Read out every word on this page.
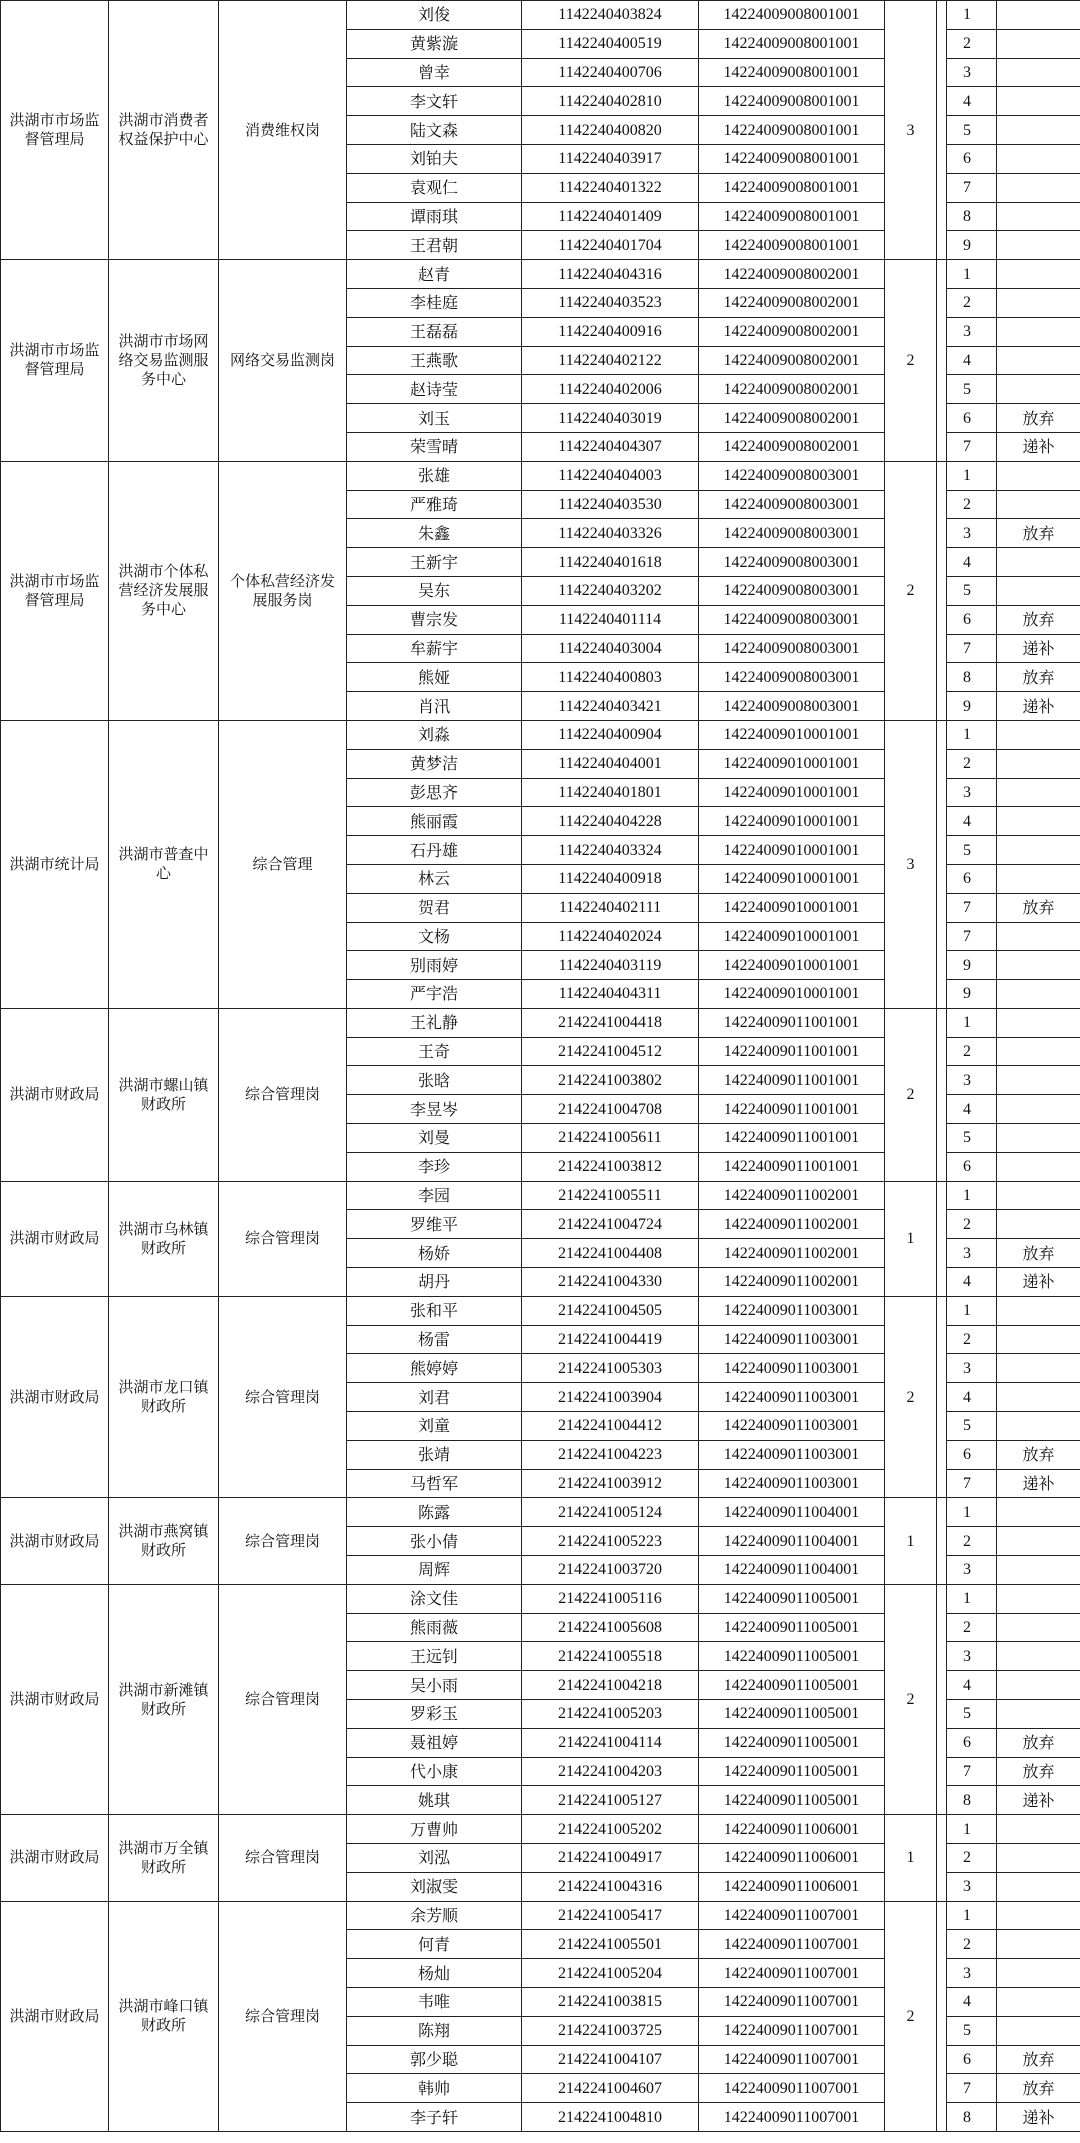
洪湖市市场监督管理局	洪湖市消费者权益保护中心	消费维权岗	刘俊	1142240403824	14224009008001001	3		1	
			黄紫漩	1142240400519	14224009008001001			2	
			曾幸	1142240400706	14224009008001001			3	
			李文轩	1142240402810	14224009008001001			4	
			陆文森	1142240400820	14224009008001001			5	
			刘铂夫	1142240403917	14224009008001001			6	
			袁观仁	1142240401322	14224009008001001			7	
			谭雨琪	1142240401409	14224009008001001			8	
			王君朝	1142240401704	14224009008001001			9	
洪湖市市场监督管理局	洪湖市市场网络交易监测服务中心	网络交易监测岗	赵青	1142240404316	14224009008002001	2		1	
			李桂庭	1142240403523	14224009008002001			2	
			王磊磊	1142240400916	14224009008002001			3	
			王燕歌	1142240402122	14224009008002001			4	
			赵诗莹	1142240402006	14224009008002001			5	
			刘玉	1142240403019	14224009008002001			6	放弃
			荣雪晴	1142240404307	14224009008002001			7	递补
洪湖市市场监督管理局	洪湖市个体私营经济发展服务中心	个体私营经济发展服务岗	张雄	1142240404003	14224009008003001	2		1	
			严雅琦	1142240403530	14224009008003001			2	
			朱鑫	1142240403326	14224009008003001			3	放弃
			王新宇	1142240401618	14224009008003001			4	
			吴东	1142240403202	14224009008003001			5	
			曹宗发	1142240401114	14224009008003001			6	放弃
			牟薪宇	1142240403004	14224009008003001			7	递补
			熊娅	1142240400803	14224009008003001			8	放弃
			肖汛	1142240403421	14224009008003001			9	递补
洪湖市统计局	洪湖市普查中心	综合管理	刘淼	1142240400904	14224009010001001	3		1	
			黄梦洁	1142240404001	14224009010001001			2	
			彭思齐	1142240401801	14224009010001001			3	
			熊丽霞	1142240404228	14224009010001001			4	
			石丹雄	1142240403324	14224009010001001			5	
			林云	1142240400918	14224009010001001			6	
			贺君	1142240402111	14224009010001001			7	放弃
			文杨	1142240402024	14224009010001001			7	
			别雨婷	1142240403119	14224009010001001			9	
			严宇浩	1142240404311	14224009010001001			9	
洪湖市财政局	洪湖市螺山镇财政所	综合管理岗	王礼静	2142241004418	14224009011001001	2		1	
			王奇	2142241004512	14224009011001001			2	
			张晗	2142241003802	14224009011001001			3	
			李昱岑	2142241004708	14224009011001001			4	
			刘曼	2142241005611	14224009011001001			5	
			李珍	2142241003812	14224009011001001			6	
洪湖市财政局	洪湖市乌林镇财政所	综合管理岗	李园	2142241005511	14224009011002001	1		1	
			罗维平	2142241004724	14224009011002001			2	
			杨娇	2142241004408	14224009011002001			3	放弃
			胡丹	2142241004330	14224009011002001			4	递补
洪湖市财政局	洪湖市龙口镇财政所	综合管理岗	张和平	2142241004505	14224009011003001	2		1	
			杨雷	2142241004419	14224009011003001			2	
			熊婷婷	2142241005303	14224009011003001			3	
			刘君	2142241003904	14224009011003001			4	
			刘童	2142241004412	14224009011003001			5	
			张靖	2142241004223	14224009011003001			6	放弃
			马哲军	2142241003912	14224009011003001			7	递补
洪湖市财政局	洪湖市燕窝镇财政所	综合管理岗	陈露	2142241005124	14224009011004001	1		1	
			张小倩	2142241005223	14224009011004001			2	
			周辉	2142241003720	14224009011004001			3	
洪湖市财政局	洪湖市新滩镇财政所	综合管理岗	涂文佳	2142241005116	14224009011005001	2		1	
			熊雨薇	2142241005608	14224009011005001			2	
			王远钊	2142241005518	14224009011005001			3	
			吴小雨	2142241004218	14224009011005001			4	
			罗彩玉	2142241005203	14224009011005001			5	
			聂祖婷	2142241004114	14224009011005001			6	放弃
			代小康	2142241004203	14224009011005001			7	放弃
			姚琪	2142241005127	14224009011005001			8	递补
洪湖市财政局	洪湖市万全镇财政所	综合管理岗	万曹帅	2142241005202	14224009011006001	1		1	
			刘泓	2142241004917	14224009011006001			2	
			刘淑雯	2142241004316	14224009011006001			3	
洪湖市财政局	洪湖市峰口镇财政所	综合管理岗	余芳顺	2142241005417	14224009011007001	2		1	
			何青	2142241005501	14224009011007001			2	
			杨灿	2142241005204	14224009011007001			3	
			韦唯	2142241003815	14224009011007001			4	
			陈翔	2142241003725	14224009011007001			5	
			郭少聪	2142241004107	14224009011007001			6	放弃
			韩帅	2142241004607	14224009011007001			7	放弃
			李子轩	2142241004810	14224009011007001			8	递补
